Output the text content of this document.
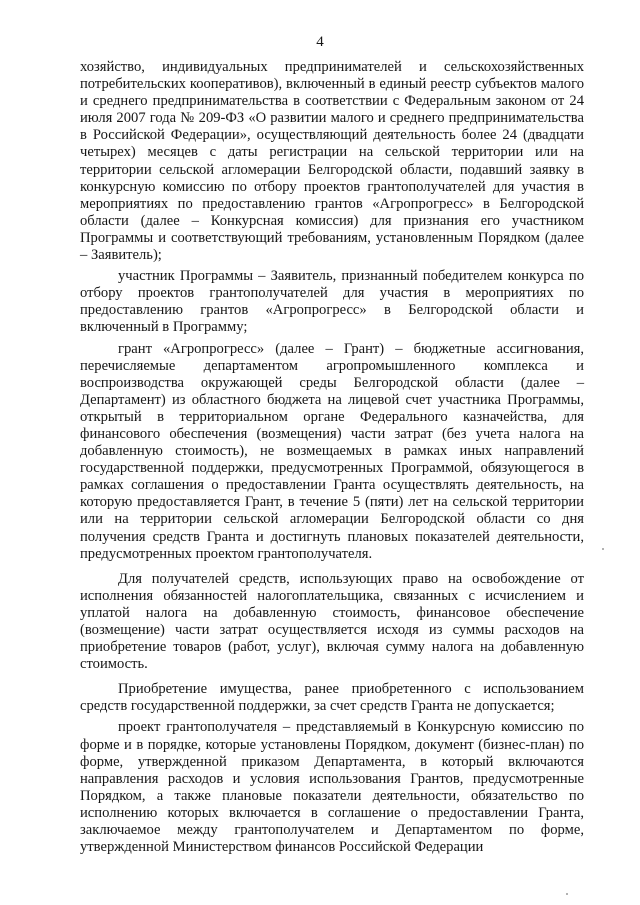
4

хозяйство, индивидуальных предпринимателей и сельскохозяйственных потребительских кооперативов), включенный в единый реестр субъектов малого и среднего предпринимательства в соответствии с Федеральным законом от 24 июля 2007 года № 209-ФЗ «О развитии малого и среднего предпринимательства в Российской Федерации», осуществляющий деятельность более 24 (двадцати четырех) месяцев с даты регистрации на сельской территории или на территории сельской агломерации Белгородской области, подавший заявку в конкурсную комиссию по отбору проектов грантополучателей для участия в мероприятиях по предоставлению грантов «Агропрогресс» в Белгородской области (далее – Конкурсная комиссия) для признания его участником Программы и соответствующий требованиям, установленным Порядком (далее – Заявитель);

участник Программы – Заявитель, признанный победителем конкурса по отбору проектов грантополучателей для участия в мероприятиях по предоставлению грантов «Агропрогресс» в Белгородской области и включенный в Программу;

грант «Агропрогресс» (далее – Грант) – бюджетные ассигнования, перечисляемые департаментом агропромышленного комплекса и воспроизводства окружающей среды Белгородской области (далее – Департамент) из областного бюджета на лицевой счет участника Программы, открытый в территориальном органе Федерального казначейства, для финансового обеспечения (возмещения) части затрат (без учета налога на добавленную стоимость), не возмещаемых в рамках иных направлений государственной поддержки, предусмотренных Программой, обязующегося в рамках соглашения о предоставлении Гранта осуществлять деятельность, на которую предоставляется Грант, в течение 5 (пяти) лет на сельской территории или на территории сельской агломерации Белгородской области со дня получения средств Гранта и достигнуть плановых показателей деятельности, предусмотренных проектом грантополучателя.

Для получателей средств, использующих право на освобождение от исполнения обязанностей налогоплательщика, связанных с исчислением и уплатой налога на добавленную стоимость, финансовое обеспечение (возмещение) части затрат осуществляется исходя из суммы расходов на приобретение товаров (работ, услуг), включая сумму налога на добавленную стоимость.

Приобретение имущества, ранее приобретенного с использованием средств государственной поддержки, за счет средств Гранта не допускается;

проект грантополучателя – представляемый в Конкурсную комиссию по форме и в порядке, которые установлены Порядком, документ (бизнес-план) по форме, утвержденной приказом Департамента, в который включаются направления расходов и условия использования Грантов, предусмотренные Порядком, а также плановые показатели деятельности, обязательство по исполнению которых включается в соглашение о предоставлении Гранта, заключаемое между грантополучателем и Департаментом по форме, утвержденной Министерством финансов Российской Федерации
